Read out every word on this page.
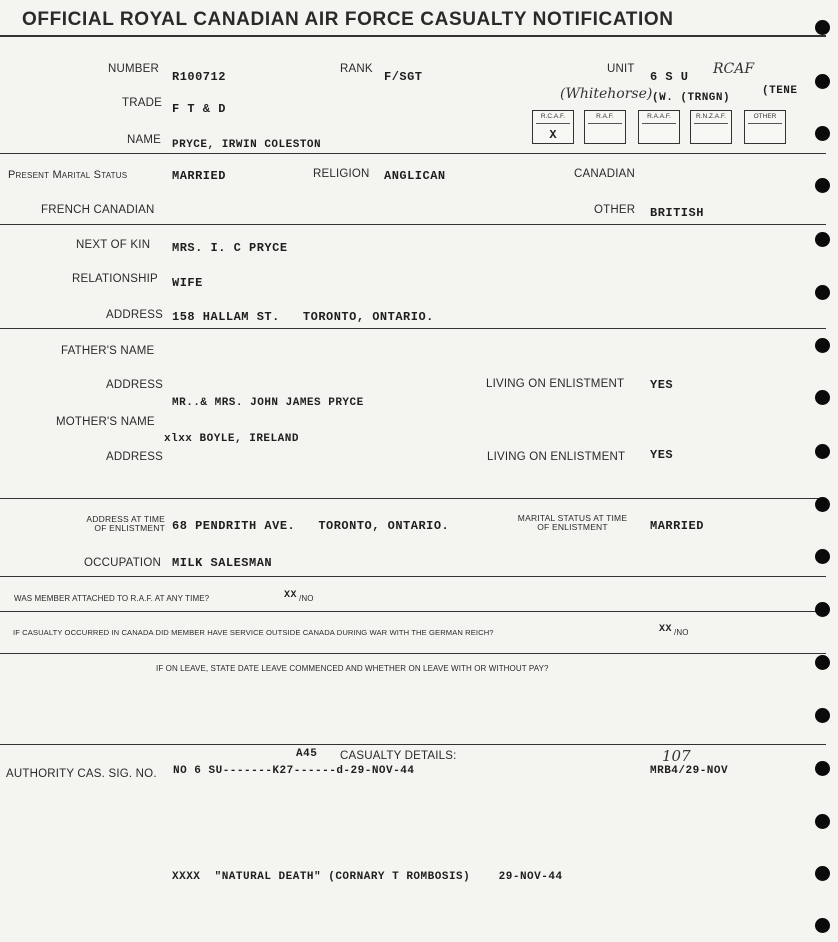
OFFICIAL ROYAL CANADIAN AIR FORCE CASUALTY NOTIFICATION
NUMBER
R100712
RANK
F/SGT
UNIT
6 S U RCAF
(Whitehorse) (W. (TRNGN)
(TENE
TRADE F T & D
NAME PRYCE, IRWIN COLESTON
R.C.A.F.
X
R.A.F.	R.A.A.F.	R.N.Z.A.F.	OTHER
Present Marital Status	MARRIED	RELIGION ANGLICAN	CANADIAN
FRENCH CANADIAN	OTHER BRITISH
NEXT OF KIN MRS. I. C PRYCE
RELATIONSHIP WIFE
ADDRESS 158 HALLAM ST.   TORONTO, ONTARIO.
FATHER'S NAME
ADDRESS	LIVING ON ENLISTMENT YES
MR..& MRS. JOHN JAMES PRYCE
MOTHER'S NAME
xlxx BOYLE, IRELAND
ADDRESS	LIVING ON ENLISTMENT YES
ADDRESS AT TIME
OF ENLISTMENT 68 PENDRITH AVE.   TORONTO, ONTARIO.
MARITAL STATUS AT TIME
OF ENLISTMENT	MARRIED
OCCUPATION MILK SALESMAN
WAS MEMBER ATTACHED TO R.A.F. AT ANY TIME?	XX /NO
IF CASUALTY OCCURRED IN CANADA DID MEMBER HAVE SERVICE OUTSIDE CANADA DURING WAR WITH THE GERMAN REICH?	XX /NO
IF ON LEAVE, STATE DATE LEAVE COMMENCED AND WHETHER ON LEAVE WITH OR WITHOUT PAY?
A45 CASUALTY DETAILS:
AUTHORITY CAS. SIG. NO. NO 6 SU-------K27------d-29-NOV-44
107
MRB4/29-NOV
XXXX  "NATURAL DEATH" (CORNARY T ROMBOSIS)    29-NOV-44
